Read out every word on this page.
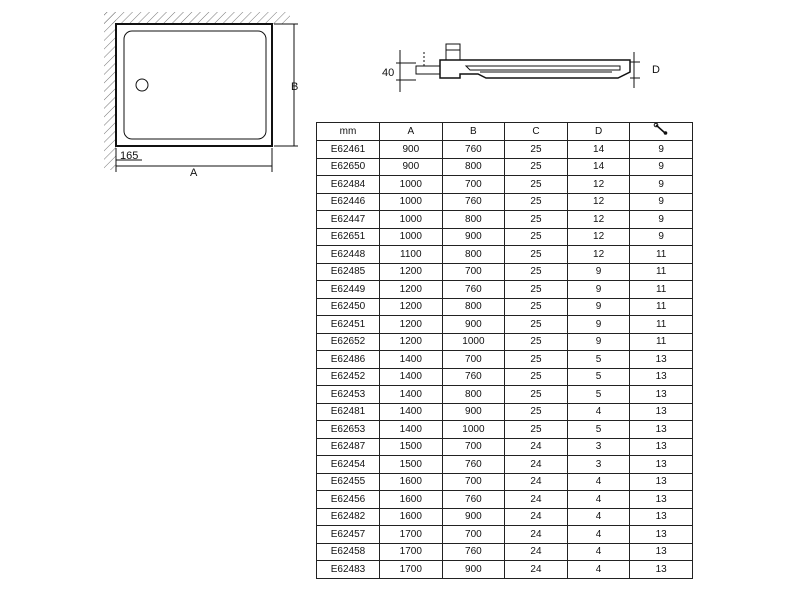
B
A
165
40	D
mm	A	B	C	D	
E62461	900	760	25	14	9
E62650	900	800	25	14	9
E62484	1000	700	25	12	9
E62446	1000	760	25	12	9
E62447	1000	800	25	12	9
E62651	1000	900	25	12	9
E62448	1100	800	25	12	11
E62485	1200	700	25	9	11
E62449	1200	760	25	9	11
E62450	1200	800	25	9	11
E62451	1200	900	25	9	11
E62652	1200	1000	25	9	11
E62486	1400	700	25	5	13
E62452	1400	760	25	5	13
E62453	1400	800	25	5	13
E62481	1400	900	25	4	13
E62653	1400	1000	25	5	13
E62487	1500	700	24	3	13
E62454	1500	760	24	3	13
E62455	1600	700	24	4	13
E62456	1600	760	24	4	13
E62482	1600	900	24	4	13
E62457	1700	700	24	4	13
E62458	1700	760	24	4	13
E62483	1700	900	24	4	13
